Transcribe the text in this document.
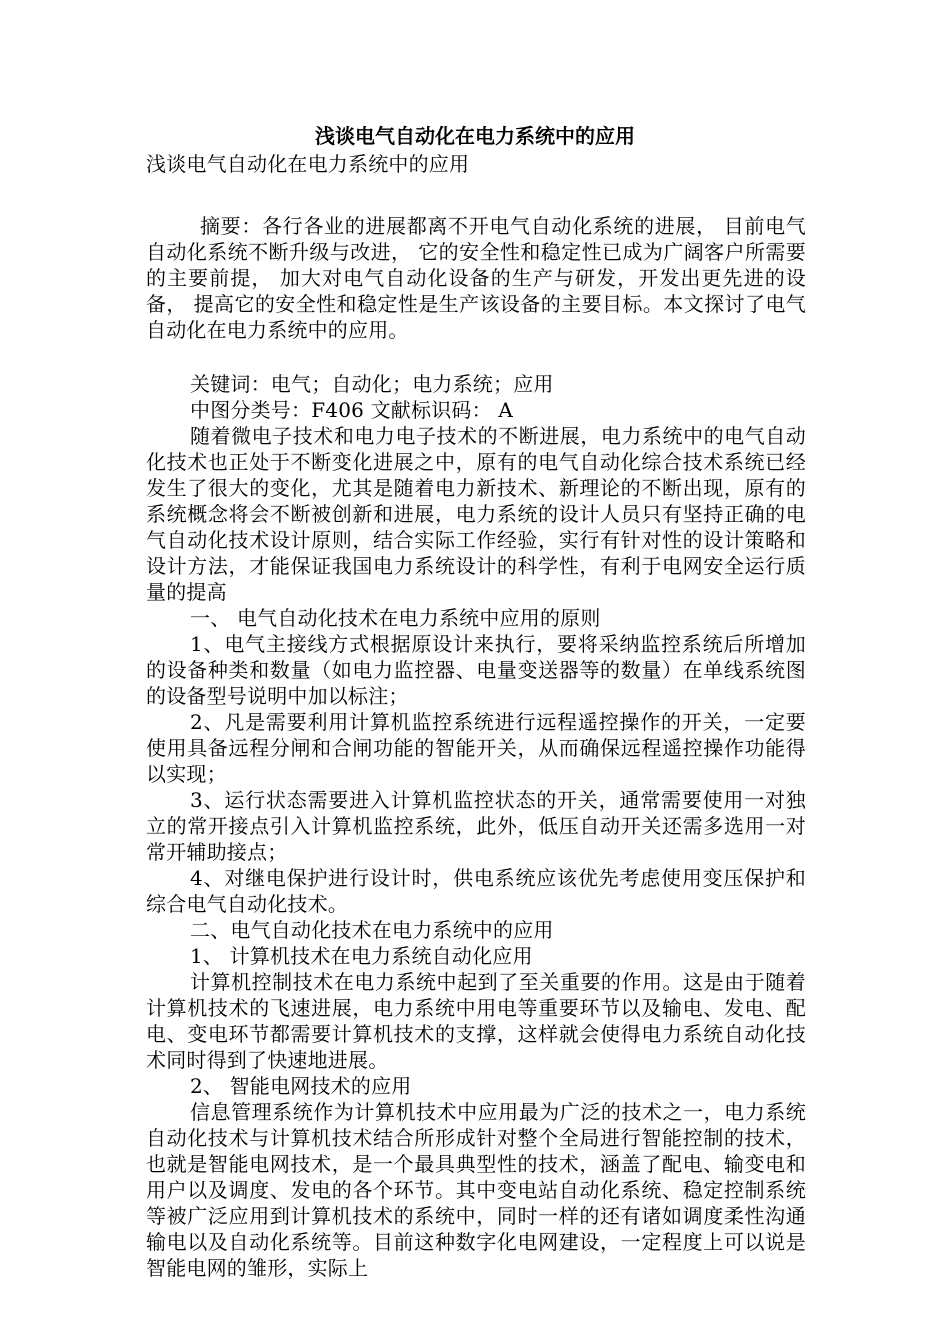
浅谈电气自动化在电力系统中的应用

浅谈电气自动化在电力系统中的应用

摘要：各行各业的进展都离不开电气自动化系统的进展， 目前电气自动化系统不断升级与改进， 它的安全性和稳定性已成为广阔客户所需要的主要前提， 加大对电气自动化设备的生产与研发，开发出更先进的设备， 提高它的安全性和稳定性是生产该设备的主要目标。本文探讨了电气自动化在电力系统中的应用。

关键词：电气；自动化；电力系统；应用

中图分类号：F406 文献标识码： A

随着微电子技术和电力电子技术的不断进展，电力系统中的电气自动化技术也正处于不断变化进展之中，原有的电气自动化综合技术系统已经发生了很大的变化，尤其是随着电力新技术、新理论的不断出现，原有的系统概念将会不断被创新和进展，电力系统的设计人员只有坚持正确的电气自动化技术设计原则，结合实际工作经验，实行有针对性的设计策略和设计方法，才能保证我国电力系统设计的科学性，有利于电网安全运行质量的提高

一、 电气自动化技术在电力系统中应用的原则

1、电气主接线方式根据原设计来执行，要将采纳监控系统后所增加的设备种类和数量（如电力监控器、电量变送器等的数量）在单线系统图的设备型号说明中加以标注；

2、凡是需要利用计算机监控系统进行远程遥控操作的开关，一定要使用具备远程分闸和合闸功能的智能开关，从而确保远程遥控操作功能得以实现；

3、运行状态需要进入计算机监控状态的开关，通常需要使用一对独立的常开接点引入计算机监控系统，此外，低压自动开关还需多选用一对常开辅助接点；

4、对继电保护进行设计时，供电系统应该优先考虑使用变压保护和综合电气自动化技术。

二、电气自动化技术在电力系统中的应用

1、 计算机技术在电力系统自动化应用

计算机控制技术在电力系统中起到了至关重要的作用。这是由于随着计算机技术的飞速进展，电力系统中用电等重要环节以及输电、发电、配电、变电环节都需要计算机技术的支撑，这样就会使得电力系统自动化技术同时得到了快速地进展。

2、 智能电网技术的应用

信息管理系统作为计算机技术中应用最为广泛的技术之一，电力系统自动化技术与计算机技术结合所形成针对整个全局进行智能控制的技术，也就是智能电网技术，是一个最具典型性的技术，涵盖了配电、输变电和用户以及调度、发电的各个环节。其中变电站自动化系统、稳定控制系统等被广泛应用到计算机技术的系统中，同时一样的还有诸如调度柔性沟通输电以及自动化系统等。目前这种数字化电网建设，一定程度上可以说是智能电网的雏形，实际上
